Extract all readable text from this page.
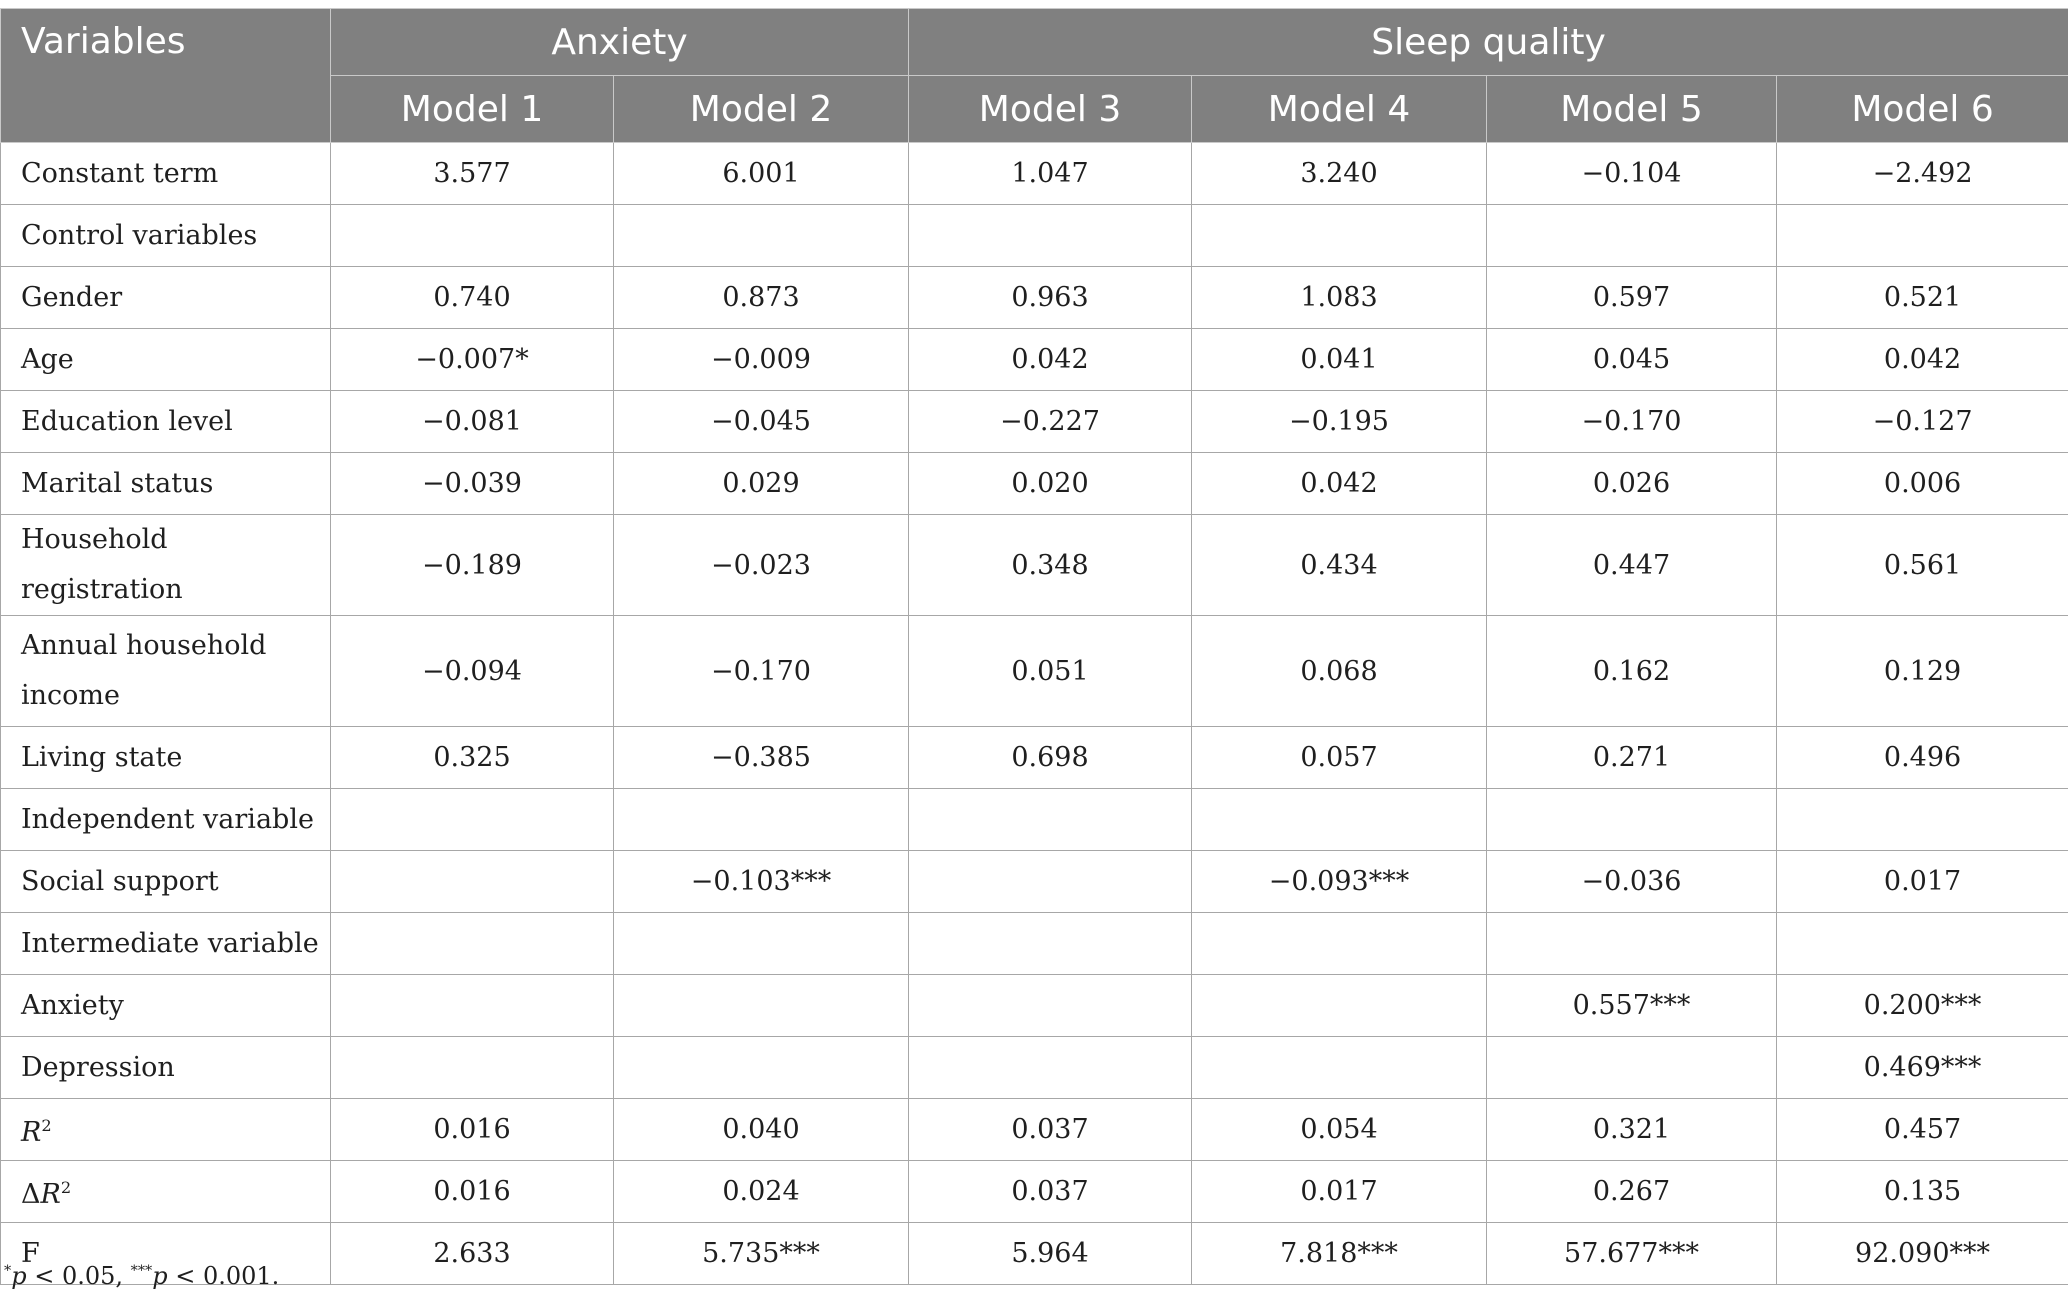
Variables	Anxiety		Sleep quality			
	Model 1	Model 2	Model 3	Model 4	Model 5	Model 6
Constant term	3.577	6.001	1.047	3.240	−0.104	−2.492
Control variables						
Gender	0.740	0.873	0.963	1.083	0.597	0.521
Age	−0.007*	−0.009	0.042	0.041	0.045	0.042
Education level	−0.081	−0.045	−0.227	−0.195	−0.170	−0.127
Marital status	−0.039	0.029	0.020	0.042	0.026	0.006
Household registration	−0.189	−0.023	0.348	0.434	0.447	0.561
Annual household income	−0.094	−0.170	0.051	0.068	0.162	0.129
Living state	0.325	−0.385	0.698	0.057	0.271	0.496
Independent variable						
Social support		−0.103***		−0.093***	−0.036	0.017
Intermediate variable						
Anxiety					0.557***	0.200***
Depression						0.469***
$R^2$	0.016	0.040	0.037	0.054	0.321	0.457
$\Delta R^2$	0.016	0.024	0.037	0.017	0.267	0.135
F	2.633	5.735***	5.964	7.818***	57.677***	92.090***
*p < 0.05, ***p < 0.001.
